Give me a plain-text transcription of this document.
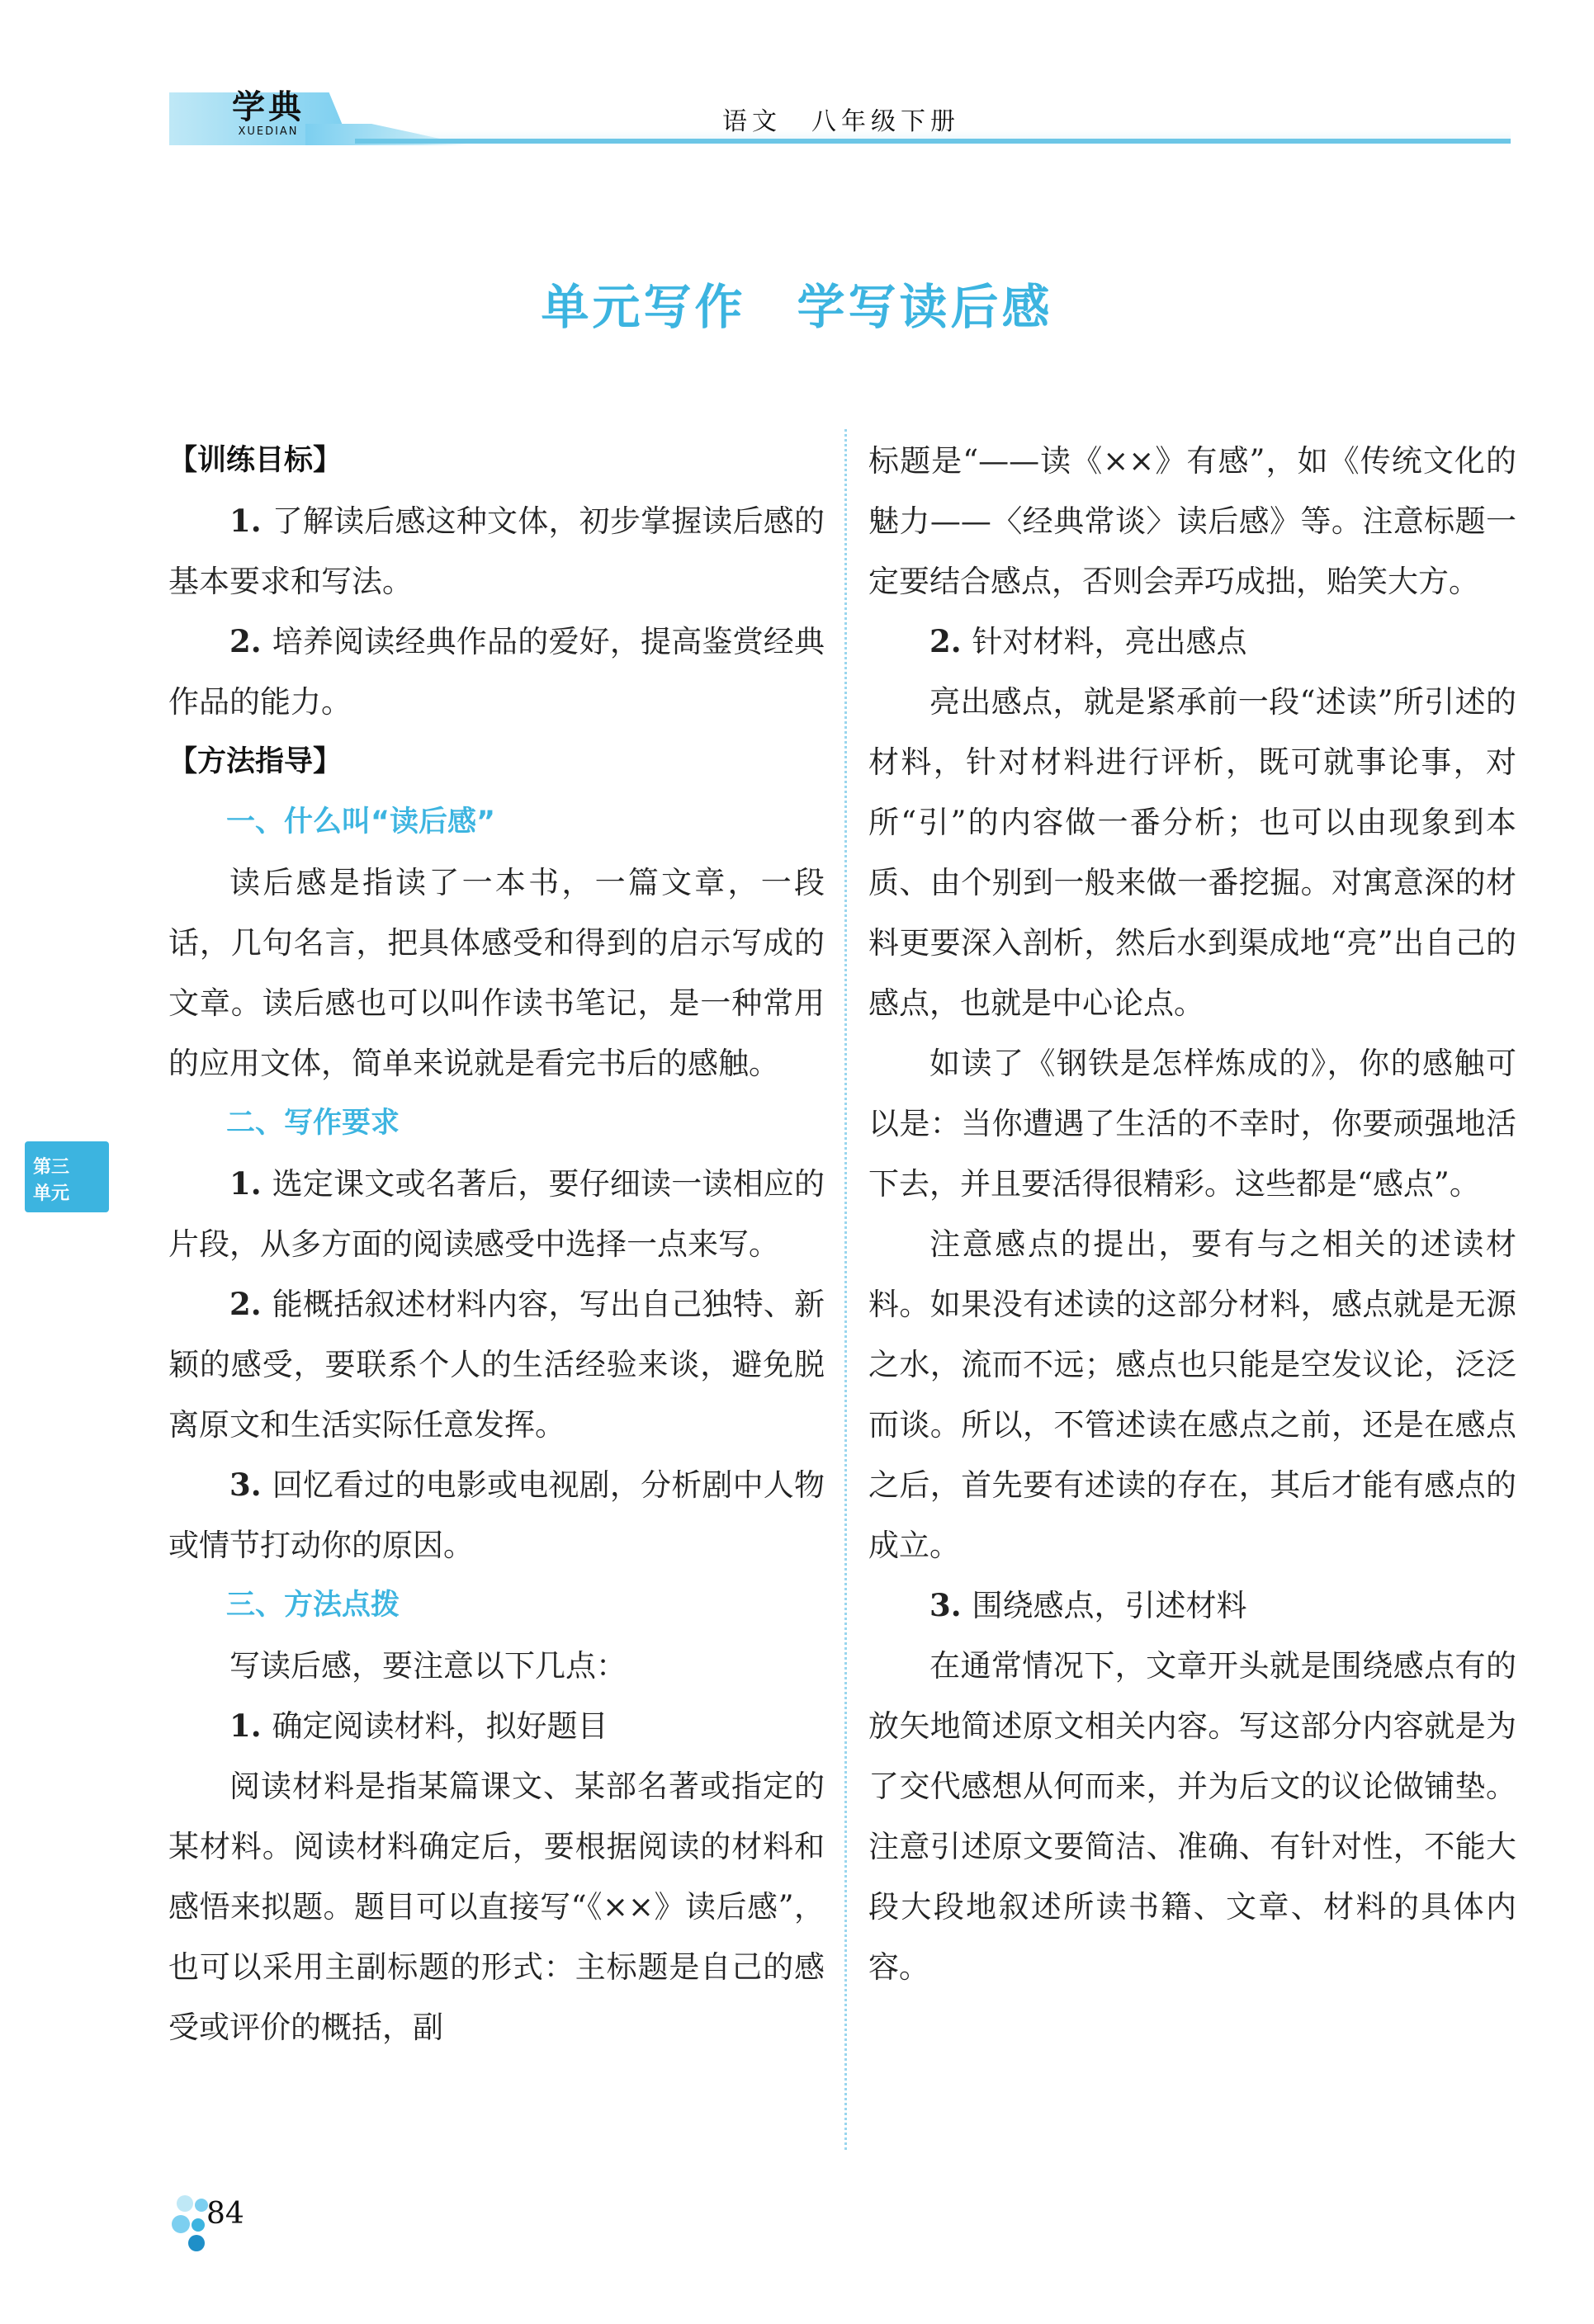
学典
XUEDIAN	语文　八年级下册
单元写作　学写读后感

【训练目标】

1. 了解读后感这种文体，初步掌握读后感的基本要求和写法。

2. 培养阅读经典作品的爱好，提高鉴赏经典作品的能力。

【方法指导】

一、什么叫“读后感”

读后感是指读了一本书，一篇文章，一段话，几句名言，把具体感受和得到的启示写成的文章。读后感也可以叫作读书笔记，是一种常用的应用文体，简单来说就是看完书后的感触。

二、写作要求

1. 选定课文或名著后，要仔细读一读相应的片段，从多方面的阅读感受中选择一点来写。

2. 能概括叙述材料内容，写出自己独特、新颖的感受，要联系个人的生活经验来谈，避免脱离原文和生活实际任意发挥。

3. 回忆看过的电影或电视剧，分析剧中人物或情节打动你的原因。

三、方法点拨

写读后感，要注意以下几点：

1. 确定阅读材料，拟好题目

阅读材料是指某篇课文、某部名著或指定的某材料。阅读材料确定后，要根据阅读的材料和感悟来拟题。题目可以直接写“《××》读后感”，也可以采用主副标题的形式：主标题是自己的感受或评价的概括，副

标题是“——读《××》有感”，如《传统文化的魅力——〈经典常谈〉读后感》等。注意标题一定要结合感点，否则会弄巧成拙，贻笑大方。

2. 针对材料，亮出感点

亮出感点，就是紧承前一段“述读”所引述的材料，针对材料进行评析，既可就事论事，对所“引”的内容做一番分析；也可以由现象到本质、由个别到一般来做一番挖掘。对寓意深的材料更要深入剖析，然后水到渠成地“亮”出自己的感点，也就是中心论点。

如读了《钢铁是怎样炼成的》，你的感触可以是：当你遭遇了生活的不幸时，你要顽强地活下去，并且要活得很精彩。这些都是“感点”。

注意感点的提出，要有与之相关的述读材料。如果没有述读的这部分材料，感点就是无源之水，流而不远；感点也只能是空发议论，泛泛而谈。所以，不管述读在感点之前，还是在感点之后，首先要有述读的存在，其后才能有感点的成立。

3. 围绕感点，引述材料

在通常情况下，文章开头就是围绕感点有的放矢地简述原文相关内容。写这部分内容就是为了交代感想从何而来，并为后文的议论做铺垫。注意引述原文要简洁、准确、有针对性，不能大段大段地叙述所读书籍、文章、材料的具体内容。

第三
单元
84
